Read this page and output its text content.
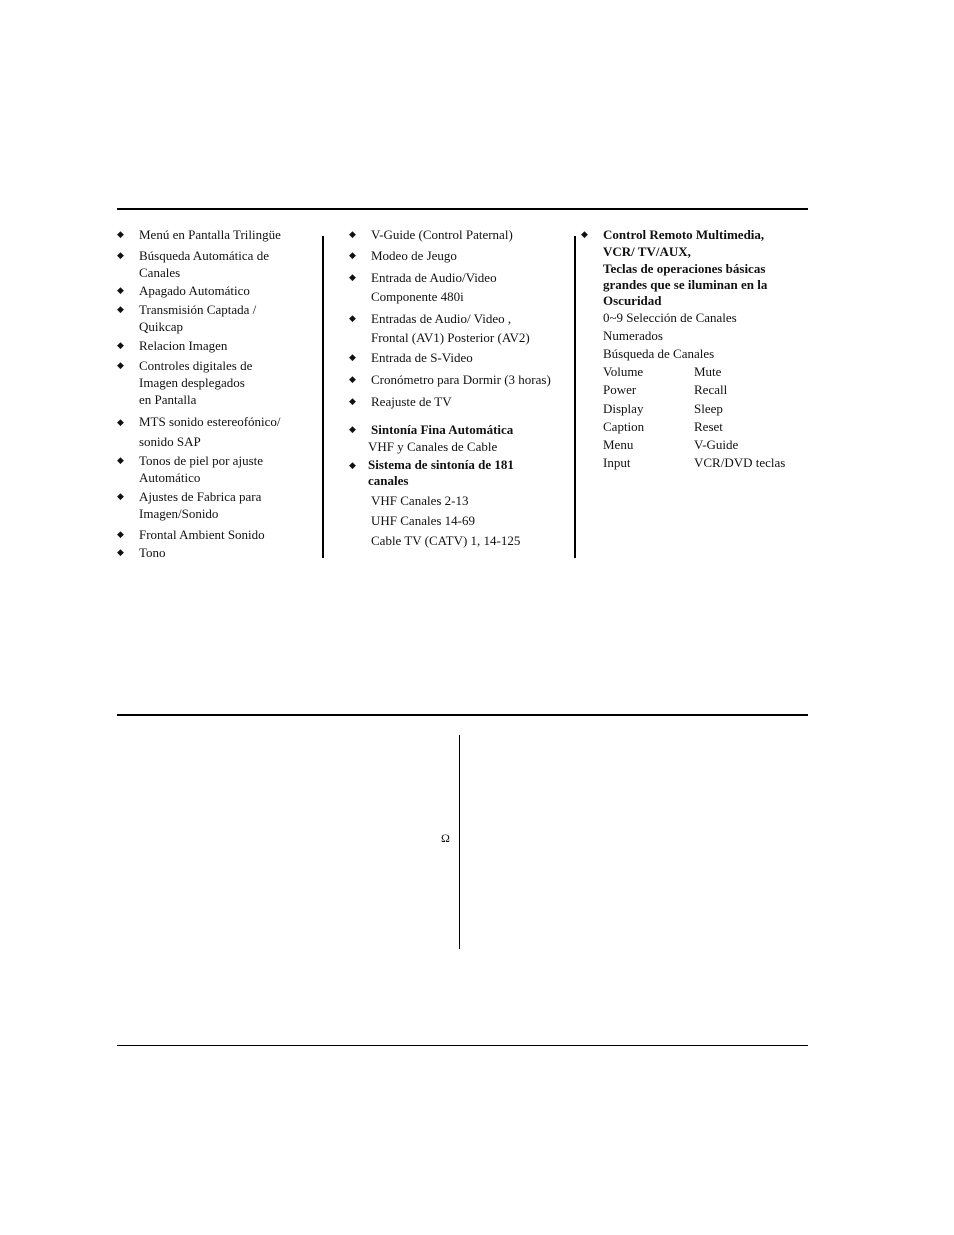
◆ Menú en Pantalla Trilingüe
◆ Búsqueda Automática de
Canales
◆ Apagado Automático
◆ Transmisión Captada /
Quikcap
◆ Relacion Imagen
◆ Controles digitales de
Imagen desplegados
en Pantalla
◆ MTS sonido estereofónico/
sonido SAP
◆ Tonos de piel por ajuste
Automático
◆ Ajustes de Fabrica para
Imagen/Sonido
◆ Frontal Ambient Sonido
◆ Tono
◆ V-Guide (Control Paternal)
◆ Modeo de Jeugo
◆ Entrada de Audio/Video
Componente 480i
◆ Entradas de Audio/ Video ,
Frontal (AV1) Posterior (AV2)
◆ Entrada de S-Video
◆ Cronómetro para Dormir (3 horas)
◆ Reajuste de TV
◆ Sintonía Fina Automática
VHF y Canales de Cable
◆ Sistema de sintonía de 181
canales
VHF Canales 2-13
UHF Canales 14-69
Cable TV (CATV) 1, 14-125
◆ Control Remoto Multimedia,
VCR/ TV/AUX,
Teclas de operaciones básicas
grandes que se iluminan en la
Oscuridad
0~9 Selección de Canales
Numerados
Búsqueda de Canales
Volume	Mute
Power	Recall
Display	Sleep
Caption	Reset
Menu	V-Guide
Input	VCR/DVD teclas
Ω
